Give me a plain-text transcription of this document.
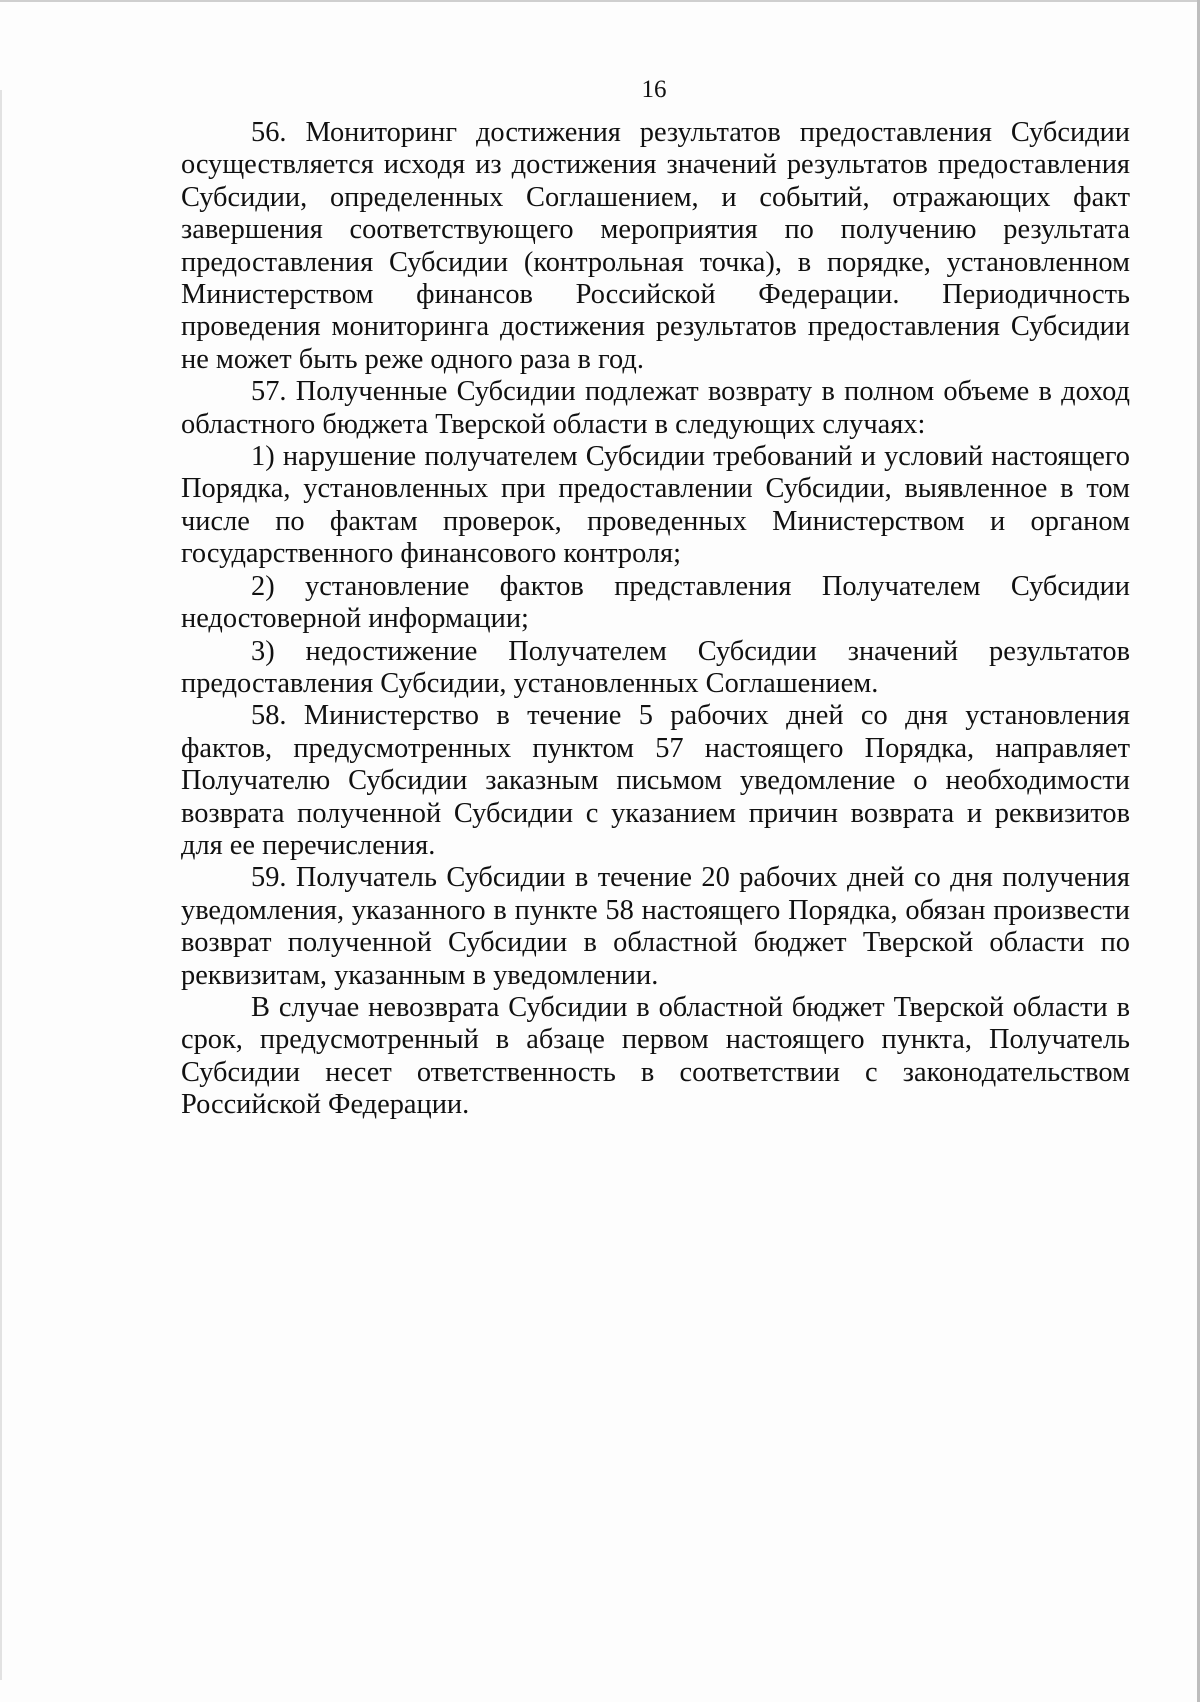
16

56. Мониторинг достижения результатов предоставления Субсидии осуществляется исходя из достижения значений результатов предоставления Субсидии, определенных Соглашением, и событий, отражающих факт завершения соответствующего мероприятия по получению результата предоставления Субсидии (контрольная точка), в порядке, установленном Министерством финансов Российской Федерации. Периодичность проведения мониторинга достижения результатов предоставления Субсидии не может быть реже одного раза в год.

57. Полученные Субсидии подлежат возврату в полном объеме в доход областного бюджета Тверской области в следующих случаях:

1) нарушение получателем Субсидии требований и условий настоящего Порядка, установленных при предоставлении Субсидии, выявленное в том числе по фактам проверок, проведенных Министерством и органом государственного финансового контроля;

2) установление фактов представления Получателем Субсидии недостоверной информации;

3) недостижение Получателем Субсидии значений результатов предоставления Субсидии, установленных Соглашением.

58. Министерство в течение 5 рабочих дней со дня установления фактов, предусмотренных пунктом 57 настоящего Порядка, направляет Получателю Субсидии заказным письмом уведомление о необходимости возврата полученной Субсидии с указанием причин возврата и реквизитов для ее перечисления.

59. Получатель Субсидии в течение 20 рабочих дней со дня получения уведомления, указанного в пункте 58 настоящего Порядка, обязан произвести возврат полученной Субсидии в областной бюджет Тверской области по реквизитам, указанным в уведомлении.

В случае невозврата Субсидии в областной бюджет Тверской области в срок, предусмотренный в абзаце первом настоящего пункта, Получатель Субсидии несет ответственность в соответствии с законодательством Российской Федерации.
